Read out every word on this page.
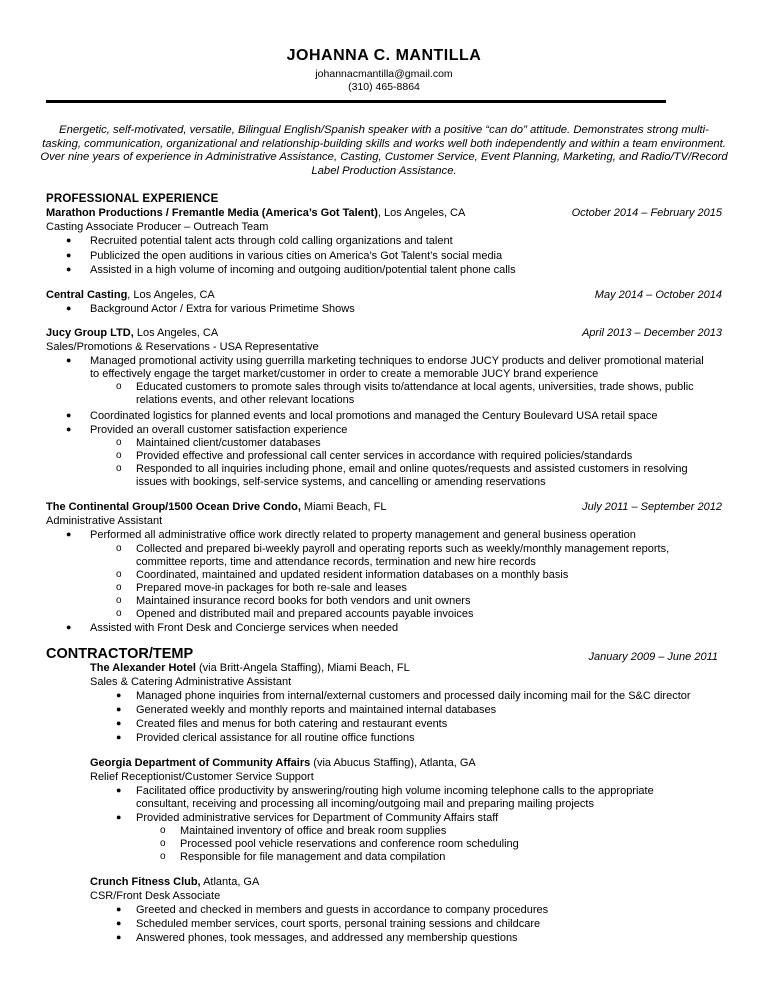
JOHANNA C. MANTILLA
johannacmantilla@gmail.com
(310) 465-8864
Energetic, self-motivated, versatile, Bilingual English/Spanish speaker with a positive “can do” attitude. Demonstrates strong multi-tasking, communication, organizational and relationship-building skills and works well both independently and within a team environment. Over nine years of experience in Administrative Assistance, Casting, Customer Service, Event Planning, Marketing, and Radio/TV/Record Label Production Assistance.
PROFESSIONAL EXPERIENCE
Marathon Productions / Fremantle Media (America’s Got Talent), Los Angeles, CA	October 2014 – February 2015
Casting Associate Producer – Outreach Team
● Recruited potential talent acts through cold calling organizations and talent
● Publicized the open auditions in various cities on America’s Got Talent’s social media
● Assisted in a high volume of incoming and outgoing audition/potential talent phone calls
Central Casting, Los Angeles, CA	May 2014 – October 2014
● Background Actor / Extra for various Primetime Shows
Jucy Group LTD, Los Angeles, CA	April 2013 – December 2013
Sales/Promotions & Reservations - USA Representative
● Managed promotional activity using guerrilla marketing techniques to endorse JUCY products and deliver promotional material
to effectively engage the target market/customer in order to create a memorable JUCY brand experience
o Educated customers to promote sales through visits to/attendance at local agents, universities, trade shows, public
relations events, and other relevant locations
● Coordinated logistics for planned events and local promotions and managed the Century Boulevard USA retail space
● Provided an overall customer satisfaction experience
o Maintained client/customer databases
o Provided effective and professional call center services in accordance with required policies/standards
o Responded to all inquiries including phone, email and online quotes/requests and assisted customers in resolving
issues with bookings, self-service systems, and cancelling or amending reservations
The Continental Group/1500 Ocean Drive Condo, Miami Beach, FL	July 2011 – September 2012
Administrative Assistant
● Performed all administrative office work directly related to property management and general business operation
o Collected and prepared bi-weekly payroll and operating reports such as weekly/monthly management reports,
committee reports, time and attendance records, termination and new hire records
o Coordinated, maintained and updated resident information databases on a monthly basis
o Prepared move-in packages for both re-sale and leases
o Maintained insurance record books for both vendors and unit owners
o Opened and distributed mail and prepared accounts payable invoices
● Assisted with Front Desk and Concierge services when needed
CONTRACTOR/TEMP	January 2009 – June 2011
The Alexander Hotel (via Britt-Angela Staffing), Miami Beach, FL
Sales & Catering Administrative Assistant
● Managed phone inquiries from internal/external customers and processed daily incoming mail for the S&C director
● Generated weekly and monthly reports and maintained internal databases
● Created files and menus for both catering and restaurant events
● Provided clerical assistance for all routine office functions
Georgia Department of Community Affairs (via Abucus Staffing), Atlanta, GA
Relief Receptionist/Customer Service Support
● Facilitated office productivity by answering/routing high volume incoming telephone calls to the appropriate
consultant, receiving and processing all incoming/outgoing mail and preparing mailing projects
● Provided administrative services for Department of Community Affairs staff
o Maintained inventory of office and break room supplies
o Processed pool vehicle reservations and conference room scheduling
o Responsible for file management and data compilation
Crunch Fitness Club, Atlanta, GA
CSR/Front Desk Associate
● Greeted and checked in members and guests in accordance to company procedures
● Scheduled member services, court sports, personal training sessions and childcare
● Answered phones, took messages, and addressed any membership questions
